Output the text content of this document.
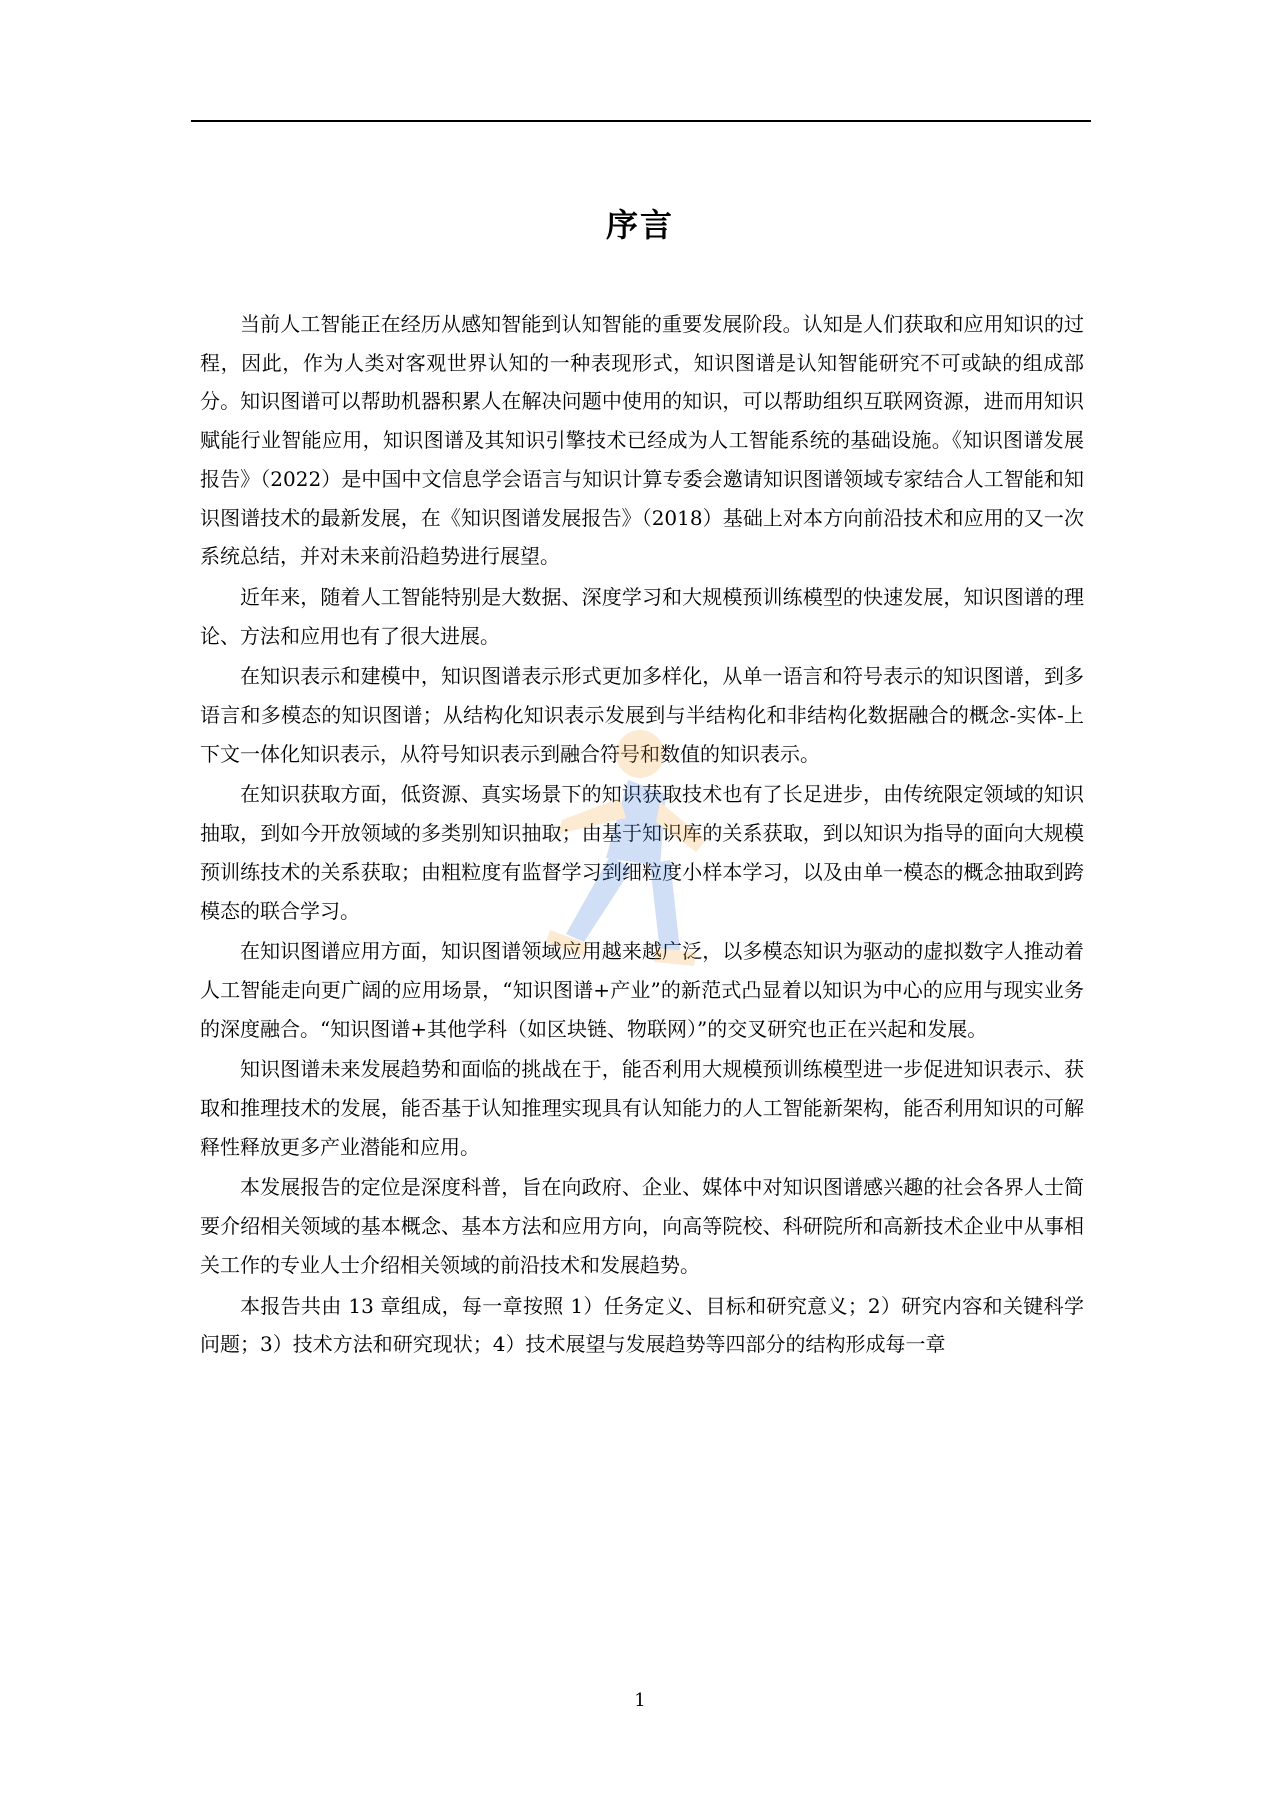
序言

当前人工智能正在经历从感知智能到认知智能的重要发展阶段。认知是人们获取和应用知识的过程，因此，作为人类对客观世界认知的一种表现形式，知识图谱是认知智能研究不可或缺的组成部分。知识图谱可以帮助机器积累人在解决问题中使用的知识，可以帮助组织互联网资源，进而用知识赋能行业智能应用，知识图谱及其知识引擎技术已经成为人工智能系统的基础设施。《知识图谱发展报告》（2022）是中国中文信息学会语言与知识计算专委会邀请知识图谱领域专家结合人工智能和知识图谱技术的最新发展，在《知识图谱发展报告》（2018）基础上对本方向前沿技术和应用的又一次系统总结，并对未来前沿趋势进行展望。

近年来，随着人工智能特别是大数据、深度学习和大规模预训练模型的快速发展，知识图谱的理论、方法和应用也有了很大进展。

在知识表示和建模中，知识图谱表示形式更加多样化，从单一语言和符号表示的知识图谱，到多语言和多模态的知识图谱；从结构化知识表示发展到与半结构化和非结构化数据融合的概念-实体-上下文一体化知识表示，从符号知识表示到融合符号和数值的知识表示。

在知识获取方面，低资源、真实场景下的知识获取技术也有了长足进步，由传统限定领域的知识抽取，到如今开放领域的多类别知识抽取；由基于知识库的关系获取，到以知识为指导的面向大规模预训练技术的关系获取；由粗粒度有监督学习到细粒度小样本学习，以及由单一模态的概念抽取到跨模态的联合学习。

在知识图谱应用方面，知识图谱领域应用越来越广泛，以多模态知识为驱动的虚拟数字人推动着人工智能走向更广阔的应用场景，“知识图谱+产业”的新范式凸显着以知识为中心的应用与现实业务的深度融合。“知识图谱+其他学科（如区块链、物联网）”的交叉研究也正在兴起和发展。

知识图谱未来发展趋势和面临的挑战在于，能否利用大规模预训练模型进一步促进知识表示、获取和推理技术的发展，能否基于认知推理实现具有认知能力的人工智能新架构，能否利用知识的可解释性释放更多产业潜能和应用。

本发展报告的定位是深度科普，旨在向政府、企业、媒体中对知识图谱感兴趣的社会各界人士简要介绍相关领域的基本概念、基本方法和应用方向，向高等院校、科研院所和高新技术企业中从事相关工作的专业人士介绍相关领域的前沿技术和发展趋势。

本报告共由 13 章组成，每一章按照 1）任务定义、目标和研究意义；2）研究内容和关键科学问题；3）技术方法和研究现状；4）技术展望与发展趋势等四部分的结构形成每一章

1
